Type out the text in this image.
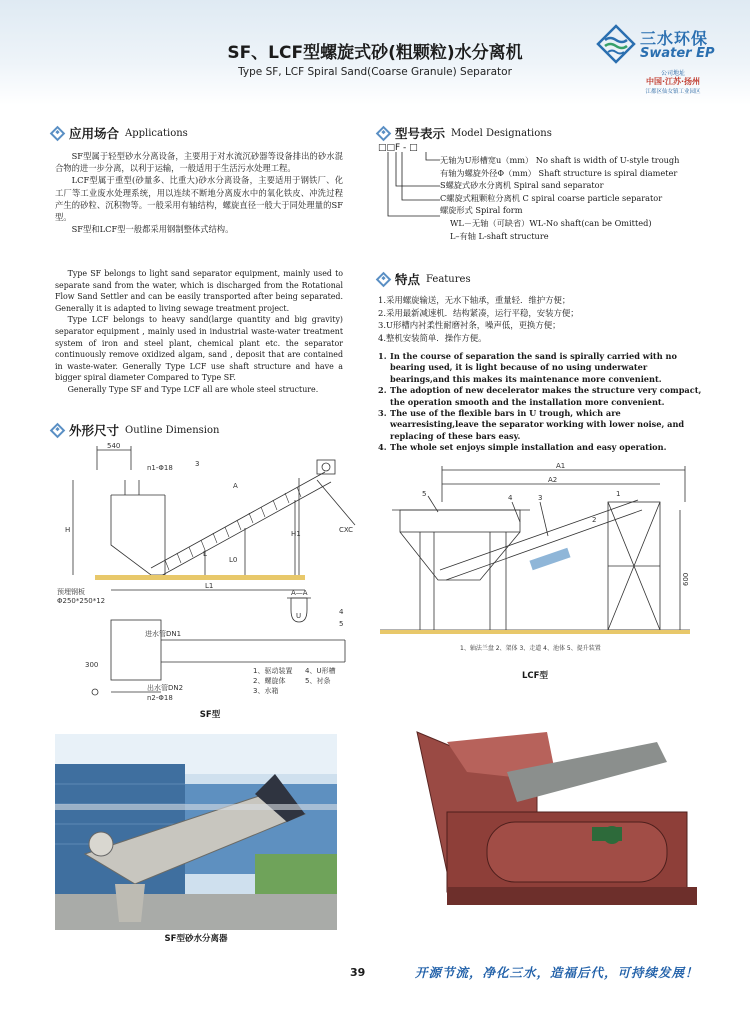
SF、LCF型螺旋式砂(粗颗粒)水分离机
Type SF, LCF Spiral Sand(Coarse Granule) Separator
三水环保
Swater EP
公司地址
中国·江苏·扬州
江都区仙女镇工业园区
应用场合 Applications

SF型属于轻型砂水分离设备，主要用于对水流沉砂器等设备排出的砂水混合物的进一步分离，以利于运输，一般适用于生活污水处理工程。

LCF型属于重型(砂量多、比重大)砂水分离设备，主要适用于钢铁厂、化工厂等工业废水处理系统，用以连续不断地分离废水中的氧化铁皮、冲洗过程产生的砂粒、沉积物等。一般采用有轴结构，螺旋直径一般大于同处理量的SF型。

SF型和LCF型一般都采用钢制整体式结构。

Type SF belongs to light sand separator equipment, mainly used to separate sand from the water, which is discharged from the Rotational Flow Sand Settler and can be easily transported after being separated. Generally it is adapted to living sewage treatment project.

Type LCF belongs to heavy sand(large quantity and big gravity) separator equipment , mainly used in industrial waste-water treatment system of iron and steel plant, chemical plant etc. the separator continuously remove oxidized algam, sand , deposit that are contained in waste-water. Generally Type LCF use shaft structure and have a bigger spiral diameter Compared to Type SF.

Generally Type SF and Type LCF all are whole steel structure.

型号表示 Model Designations
□□F - □
无轴为U形槽宽u（mm） No shaft is width of U-style trough
有轴为螺旋外径Φ（mm） Shaft structure is spiral diameter
S螺旋式砂水分离机 Spiral sand separator
C螺旋式粗颗粒分离机 C spiral coarse particle separator
螺旋形式 Spiral form
WL－无轴（可缺省）WL-No shaft(can be Omitted)
L–有轴 L-shaft structure
特点 Features
1.采用螺旋输送，无水下轴承，重量轻．维护方便；
2.采用最新减速机．结构紧凑，运行平稳，安装方便；
3.U形槽内衬柔性耐磨衬条，噪声低，更换方便；
4.整机安装简单．操作方便。
1. In the course of separation the sand is spirally carried with no bearing used, it is light because of no using underwater bearings,and this makes its maintenance more convenient.
2. The adoption of new decelerator makes the structure very compact, the operation smooth and the installation more convenient.
3. The use of the flexible bars in U trough, which are wearresisting,leave the separator working with lower noise, and replacing of these bars easy.
4. The whole set enjoys simple installation and easy operation.
外形尺寸 Outline Dimension
540
n1-Φ18	3
A
L
L0
L1
H	H1	CXC
预埋钢板
Φ250*250*12
A—A
U	4
5
进水管DN1
300
出水管DN2
n2-Φ18
1、驱动装置
2、螺旋体
3、水箱
4、U形槽
5、衬条
SF型
A1
A2
5	4	3
2
1
600
1、轴法兰盘 2、架体 3、走道 4、池体 5、提升装置
LCF型
SF型砂水分离器
39	开源节流，净化三水，造福后代，可持续发展！
